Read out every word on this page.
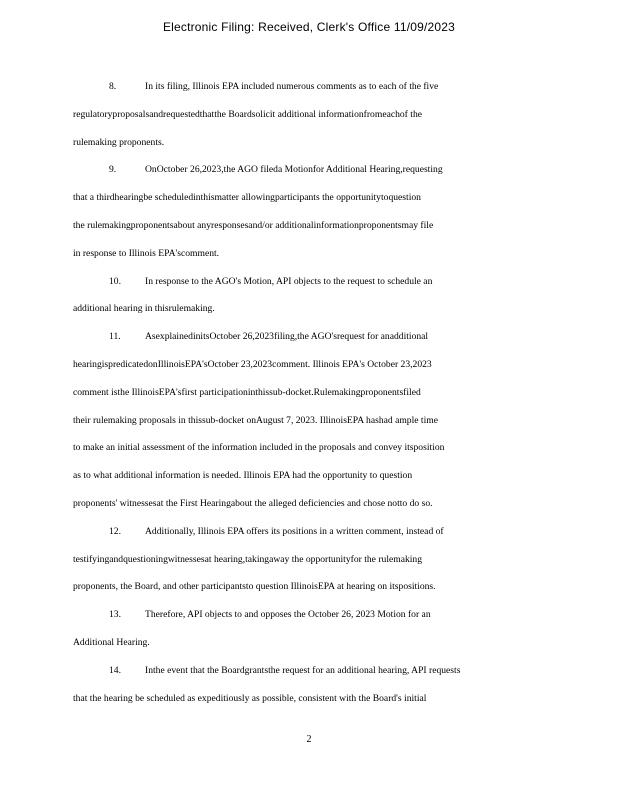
Electronic Filing: Received, Clerk's Office 11/09/2023
8.	In its filing, Illinois EPA included numerous comments as to each of the five
regulatoryproposalsandrequestedthatthe Boardsolicit additional informationfromeachof the
rulemaking proponents.
9.	OnOctober 26,2023,the AGO fileda Motionfor Additional Hearing,requesting
that a thirdhearingbe scheduledinthismatter allowingparticipants the opportunitytoquestion
the rulemakingproponentsabout anyresponsesand/or additionalinformationproponentsmay file
in response to Illinois EPA'scomment.
10.	In response to the AGO's Motion, API objects to the request to schedule an
additional hearing in thisrulemaking.
11.	AsexplainedinitsOctober 26,2023filing,the AGO'srequest for anadditional
hearingispredicatedonIllinoisEPA'sOctober 23,2023comment. Illinois EPA's October 23,2023
comment isthe IllinoisEPA'sfirst participationinthissub-docket.Rulemakingproponentsfiled
their rulemaking proposals in thissub-docket onAugust 7, 2023. IllinoisEPA hashad ample time
to make an initial assessment of the information included in the proposals and convey itsposition
as to what additional information is needed. Illinois EPA had the opportunity to question
proponents' witnessesat the First Hearingabout the alleged deficiencies and chose notto do so.
12.	Additionally, Illinois EPA offers its positions in a written comment, instead of
testifyingandquestioningwitnessesat hearing,takingaway the opportunityfor the rulemaking
proponents, the Board, and other participantsto question IllinoisEPA at hearing on itspositions.
13.	Therefore, API objects to and opposes the October 26, 2023 Motion for an
Additional Hearing.
14.	Inthe event that the Boardgrantsthe request for an additional hearing, API requests
that the hearing be scheduled as expeditiously as possible, consistent with the Board's initial
2
